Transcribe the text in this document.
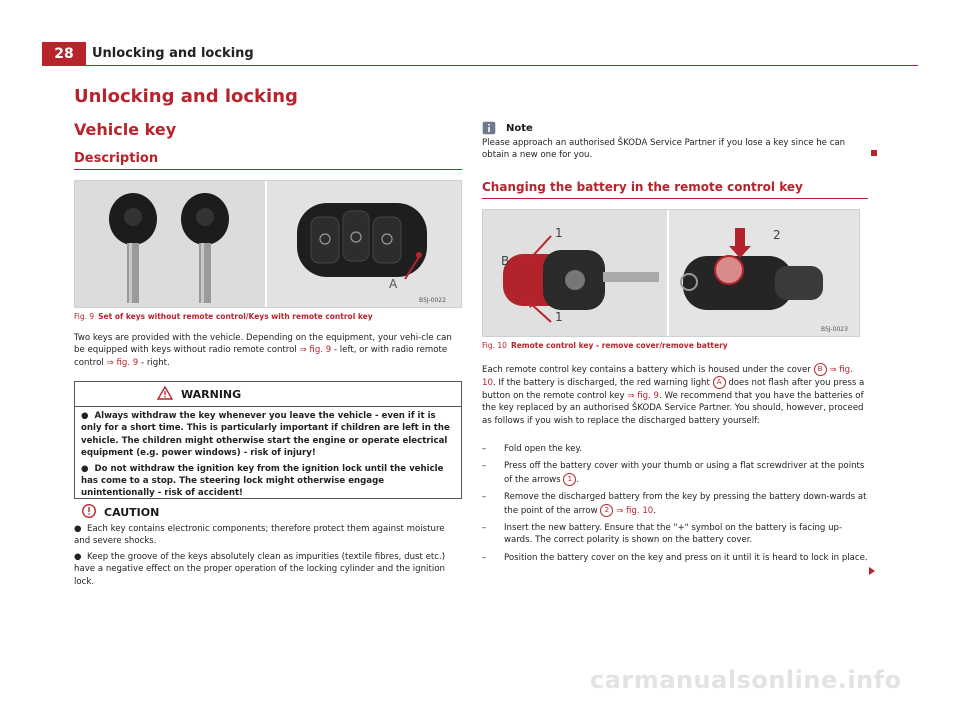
28	Unlocking and locking
Unlocking and locking
Vehicle key
Description
A
B5J-0022
Fig. 9 Set of keys without remote control/Keys with remote control key

Two keys are provided with the vehicle. Depending on the equipment, your vehi-cle can be equipped with keys without radio remote control ⇒ fig. 9 - left, or with radio remote control ⇒ fig. 9 - right.

WARNING

●  Always withdraw the key whenever you leave the vehicle - even if it is only for a short time. This is particularly important if children are left in the vehicle. The children might otherwise start the engine or operate electrical equipment (e.g. power windows) - risk of injury!

●  Do not withdraw the ignition key from the ignition lock until the vehicle has come to a stop. The steering lock might otherwise engage unintentionally - risk of accident!

CAUTION

●  Each key contains electronic components; therefore protect them against moisture and severe shocks.

●  Keep the groove of the keys absolutely clean as impurities (textile fibres, dust etc.) have a negative effect on the proper operation of the locking cylinder and the ignition lock.

Note
Please approach an authorised ŠKODA Service Partner if you lose a key since he can obtain a new one for you.
Changing the battery in the remote control key
B
1
1
2
B5J-0023
Fig. 10 Remote control key - remove cover/remove battery

Each remote control key contains a battery which is housed under the cover B ⇒ fig. 10. If the battery is discharged, the red warning light A does not flash after you press a button on the remote control key ⇒ fig. 9. We recommend that you have the batteries of the key replaced by an authorised ŠKODA Service Partner. You should, however, proceed as follows if you wish to replace the discharged battery yourself:

– Fold open the key.
– Press off the battery cover with your thumb or using a flat screwdriver at the points of the arrows 1 .
– Remove the discharged battery from the key by pressing the battery down-wards at the point of the arrow 2 ⇒ fig. 10.
– Insert the new battery. Ensure that the "+" symbol on the battery is facing up-wards. The correct polarity is shown on the battery cover.
– Position the battery cover on the key and press on it until it is heard to lock in place.
carmanualsonline.info
